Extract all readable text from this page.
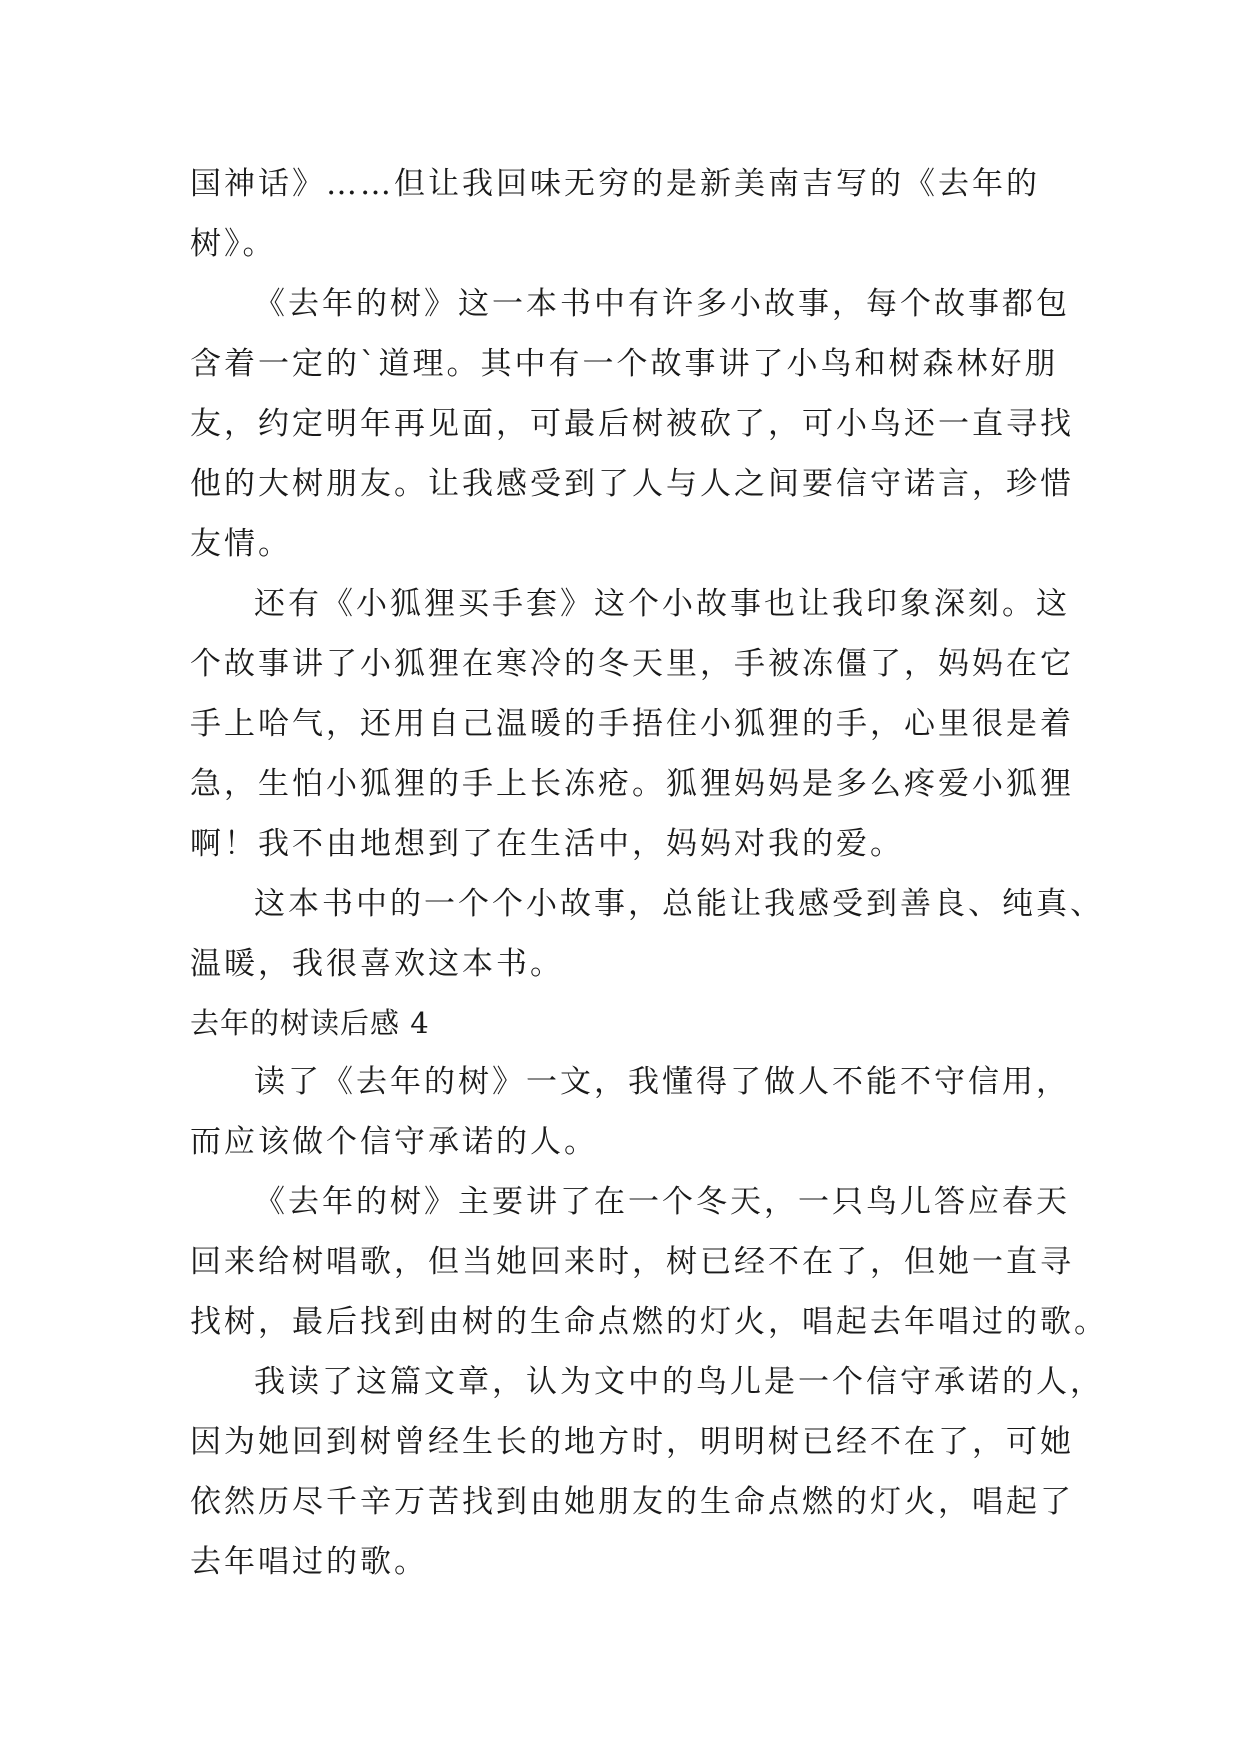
国神话》……但让我回味无穷的是新美南吉写的《去年的
树》。
《去年的树》这一本书中有许多小故事，每个故事都包
含着一定的`道理。其中有一个故事讲了小鸟和树森林好朋
友，约定明年再见面，可最后树被砍了，可小鸟还一直寻找
他的大树朋友。让我感受到了人与人之间要信守诺言，珍惜
友情。
还有《小狐狸买手套》这个小故事也让我印象深刻。这
个故事讲了小狐狸在寒冷的冬天里，手被冻僵了，妈妈在它
手上哈气，还用自己温暖的手捂住小狐狸的手，心里很是着
急，生怕小狐狸的手上长冻疮。狐狸妈妈是多么疼爱小狐狸
啊！我不由地想到了在生活中，妈妈对我的爱。
这本书中的一个个小故事，总能让我感受到善良、纯真、
温暖，我很喜欢这本书。
去年的树读后感 4
读了《去年的树》一文，我懂得了做人不能不守信用，
而应该做个信守承诺的人。
《去年的树》主要讲了在一个冬天，一只鸟儿答应春天
回来给树唱歌，但当她回来时，树已经不在了，但她一直寻
找树，最后找到由树的生命点燃的灯火，唱起去年唱过的歌。
我读了这篇文章，认为文中的鸟儿是一个信守承诺的人，
因为她回到树曾经生长的地方时，明明树已经不在了，可她
依然历尽千辛万苦找到由她朋友的生命点燃的灯火，唱起了
去年唱过的歌。
